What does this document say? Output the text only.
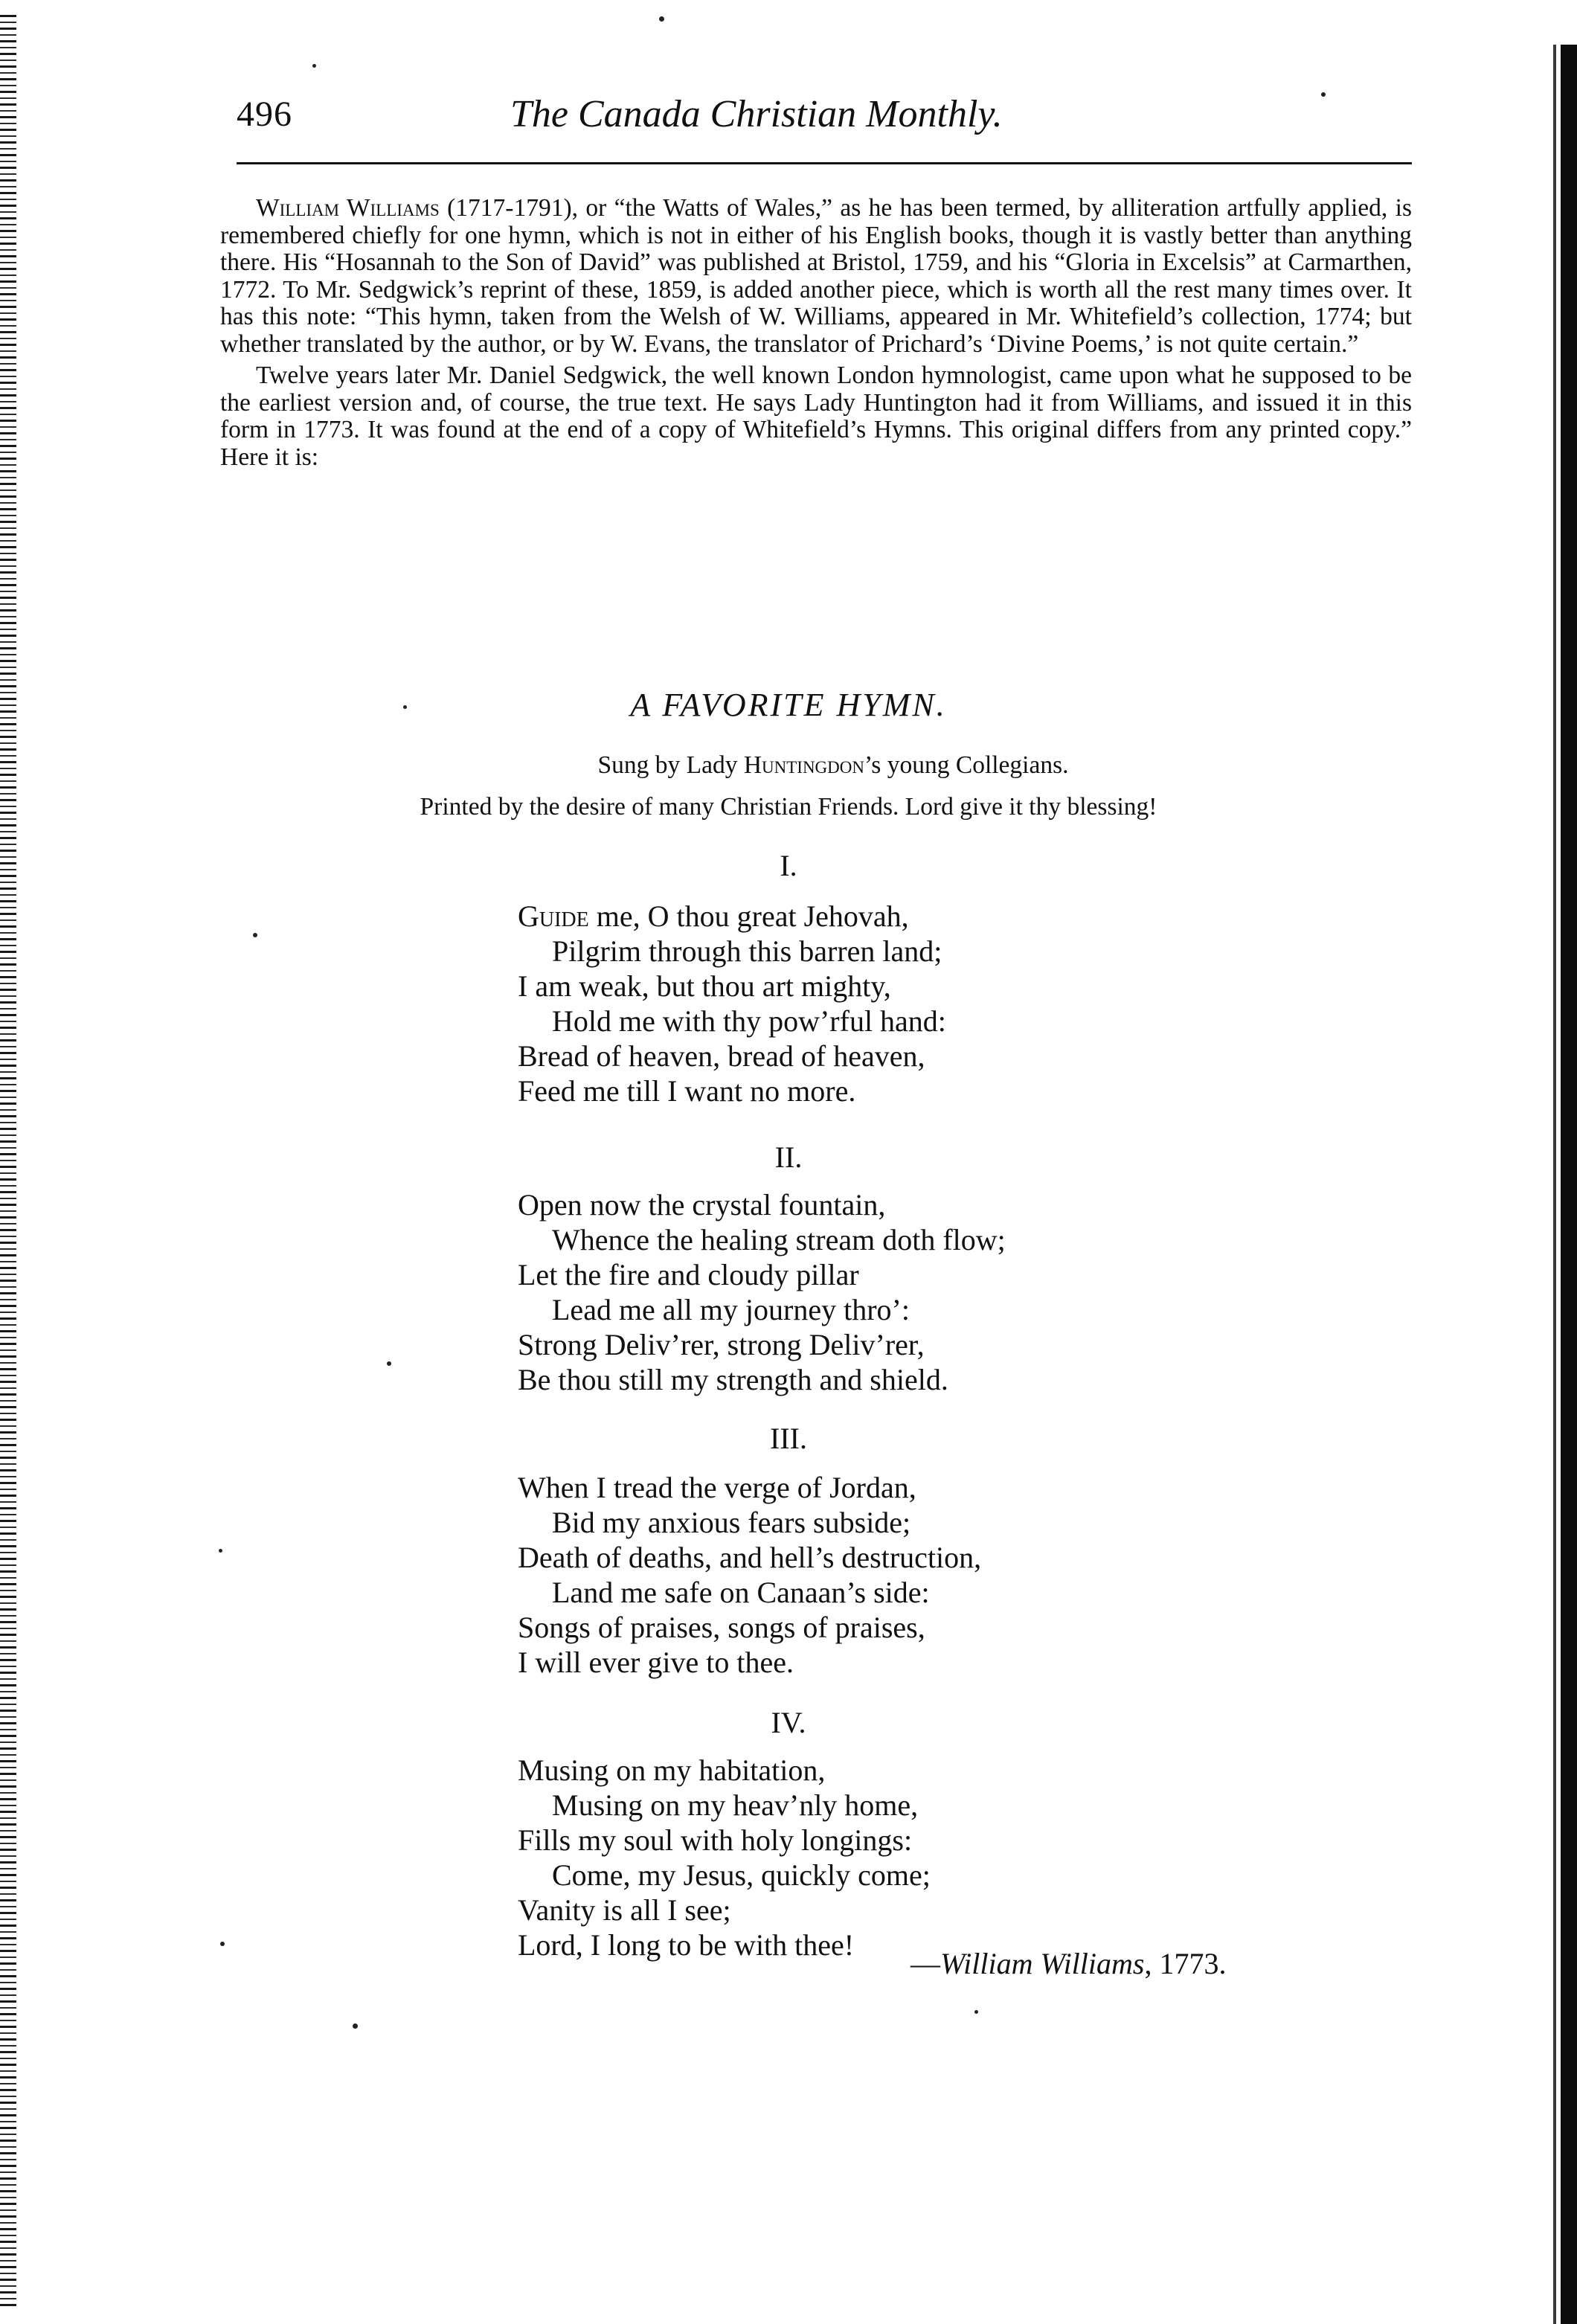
496	The Canada Christian Monthly.

William Williams (1717-1791), or “the Watts of Wales,” as he has been termed, by alliteration artfully applied, is remembered chiefly for one hymn, which is not in either of his English books, though it is vastly better than anything there. His “Hosannah to the Son of David” was published at Bristol, 1759, and his “Gloria in Excelsis” at Carmarthen, 1772. To Mr. Sedgwick’s reprint of these, 1859, is added another piece, which is worth all the rest many times over. It has this note: “This hymn, taken from the Welsh of W. Williams, appeared in Mr. Whitefield’s collection, 1774; but whether translated by the author, or by W. Evans, the translator of Prichard’s ‘Divine Poems,’ is not quite certain.”

Twelve years later Mr. Daniel Sedgwick, the well known London hymnologist, came upon what he supposed to be the earliest version and, of course, the true text. He says Lady Huntington had it from Williams, and issued it in this form in 1773. It was found at the end of a copy of Whitefield’s Hymns. This original differs from any printed copy.” Here it is:

A FAVORITE HYMN.
Sung by Lady Huntingdon’s young Collegians.
Printed by the desire of many Christian Friends. Lord give it thy blessing!
I.
Guide me, O thou great Jehovah,
Pilgrim through this barren land;
I am weak, but thou art mighty,
Hold me with thy pow’rful hand:
Bread of heaven, bread of heaven,
Feed me till I want no more.
II.
Open now the crystal fountain,
Whence the healing stream doth flow;
Let the fire and cloudy pillar
Lead me all my journey thro’:
Strong Deliv’rer, strong Deliv’rer,
Be thou still my strength and shield.
III.
When I tread the verge of Jordan,
Bid my anxious fears subside;
Death of deaths, and hell’s destruction,
Land me safe on Canaan’s side:
Songs of praises, songs of praises,
I will ever give to thee.
IV.
Musing on my habitation,
Musing on my heav’nly home,
Fills my soul with holy longings:
Come, my Jesus, quickly come;
Vanity is all I see;
Lord, I long to be with thee!
—William Williams, 1773.
